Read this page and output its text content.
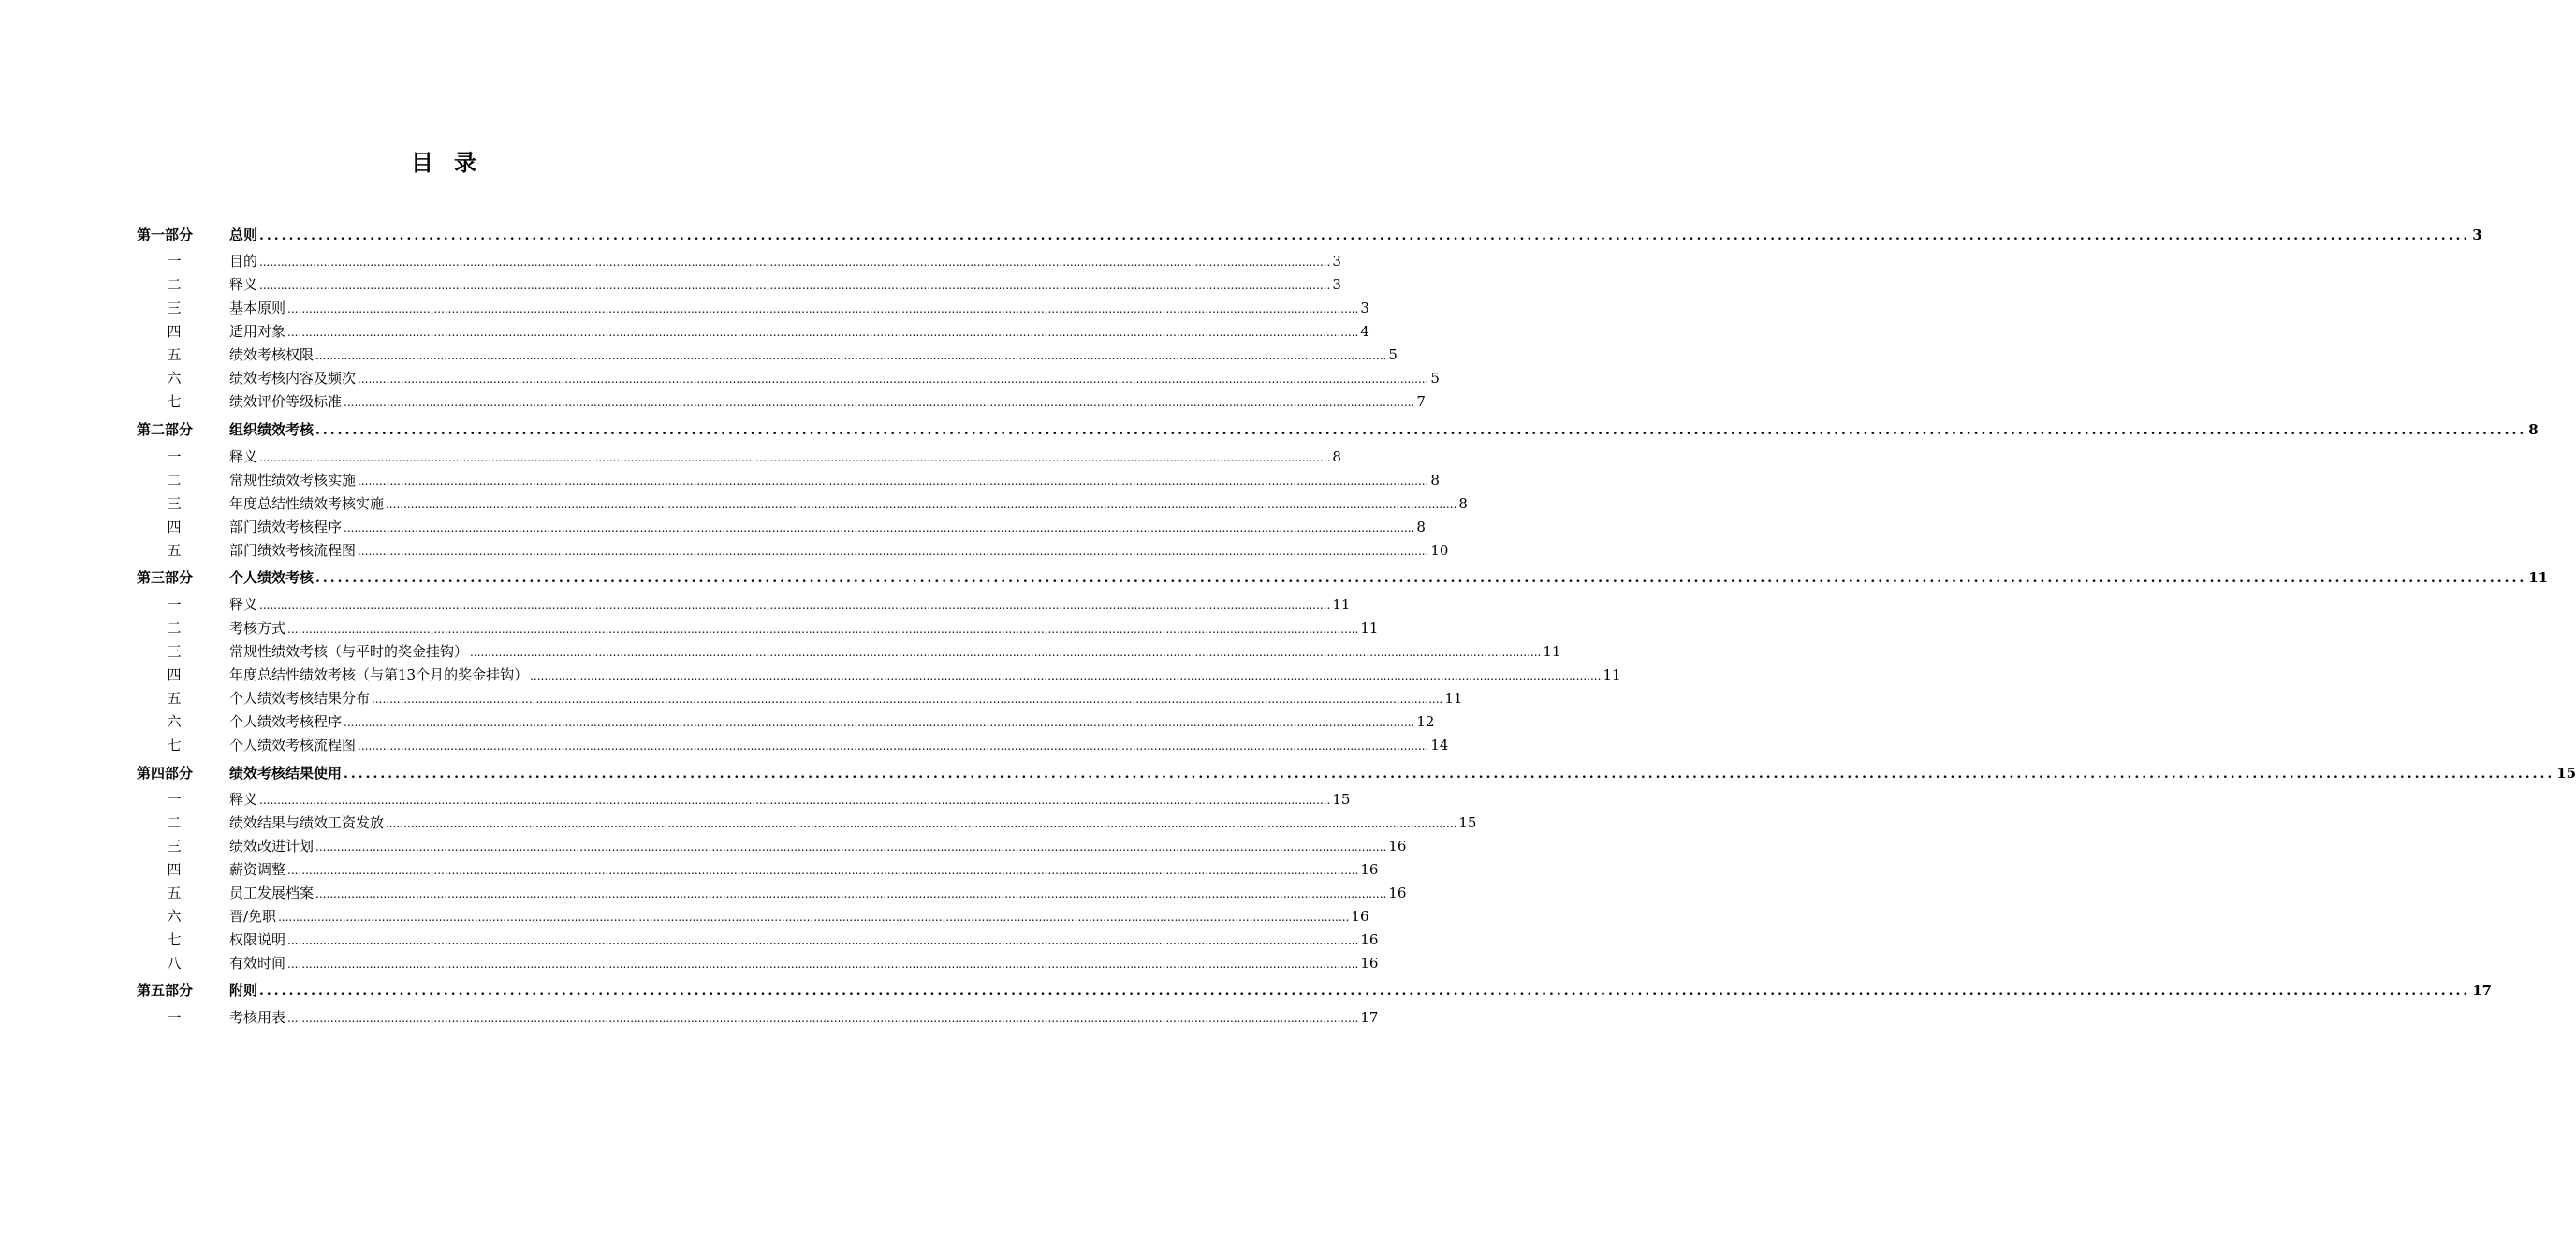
目 录
第一部分	总则 ............................................................................................................................................................................................................................................................................................................ 3
一	目的 ............................................................................................................................................................................................................................................................................................................ 3
二	释义 ............................................................................................................................................................................................................................................................................................................ 3
三	基本原则 ............................................................................................................................................................................................................................................................................................................ 3
四	适用对象 ............................................................................................................................................................................................................................................................................................................ 4
五	绩效考核权限 ............................................................................................................................................................................................................................................................................................................ 5
六	绩效考核内容及频次 ............................................................................................................................................................................................................................................................................................................ 5
七	绩效评价等级标准 ............................................................................................................................................................................................................................................................................................................ 7
第二部分	组织绩效考核 ............................................................................................................................................................................................................................................................................................................ 8
一	释义 ............................................................................................................................................................................................................................................................................................................ 8
二	常规性绩效考核实施 ............................................................................................................................................................................................................................................................................................................ 8
三	年度总结性绩效考核实施 ............................................................................................................................................................................................................................................................................................................ 8
四	部门绩效考核程序 ............................................................................................................................................................................................................................................................................................................ 8
五	部门绩效考核流程图 ............................................................................................................................................................................................................................................................................................................ 10
第三部分	个人绩效考核 ............................................................................................................................................................................................................................................................................................................ 11
一	释义 ............................................................................................................................................................................................................................................................................................................ 11
二	考核方式 ............................................................................................................................................................................................................................................................................................................ 11
三	常规性绩效考核（与平时的奖金挂钩） ............................................................................................................................................................................................................................................................................................................ 11
四	年度总结性绩效考核（与第13个月的奖金挂钩） ............................................................................................................................................................................................................................................................................................................ 11
五	个人绩效考核结果分布 ............................................................................................................................................................................................................................................................................................................ 11
六	个人绩效考核程序 ............................................................................................................................................................................................................................................................................................................ 12
七	个人绩效考核流程图 ............................................................................................................................................................................................................................................................................................................ 14
第四部分	绩效考核结果使用 ............................................................................................................................................................................................................................................................................................................ 15
一	释义 ............................................................................................................................................................................................................................................................................................................ 15
二	绩效结果与绩效工资发放 ............................................................................................................................................................................................................................................................................................................ 15
三	绩效改进计划 ............................................................................................................................................................................................................................................................................................................ 16
四	薪资调整 ............................................................................................................................................................................................................................................................................................................ 16
五	员工发展档案 ............................................................................................................................................................................................................................................................................................................ 16
六	晋/免职 ............................................................................................................................................................................................................................................................................................................ 16
七	权限说明 ............................................................................................................................................................................................................................................................................................................ 16
八	有效时间 ............................................................................................................................................................................................................................................................................................................ 16
第五部分	附则 ............................................................................................................................................................................................................................................................................................................ 17
一	考核用表 ............................................................................................................................................................................................................................................................................................................ 17
